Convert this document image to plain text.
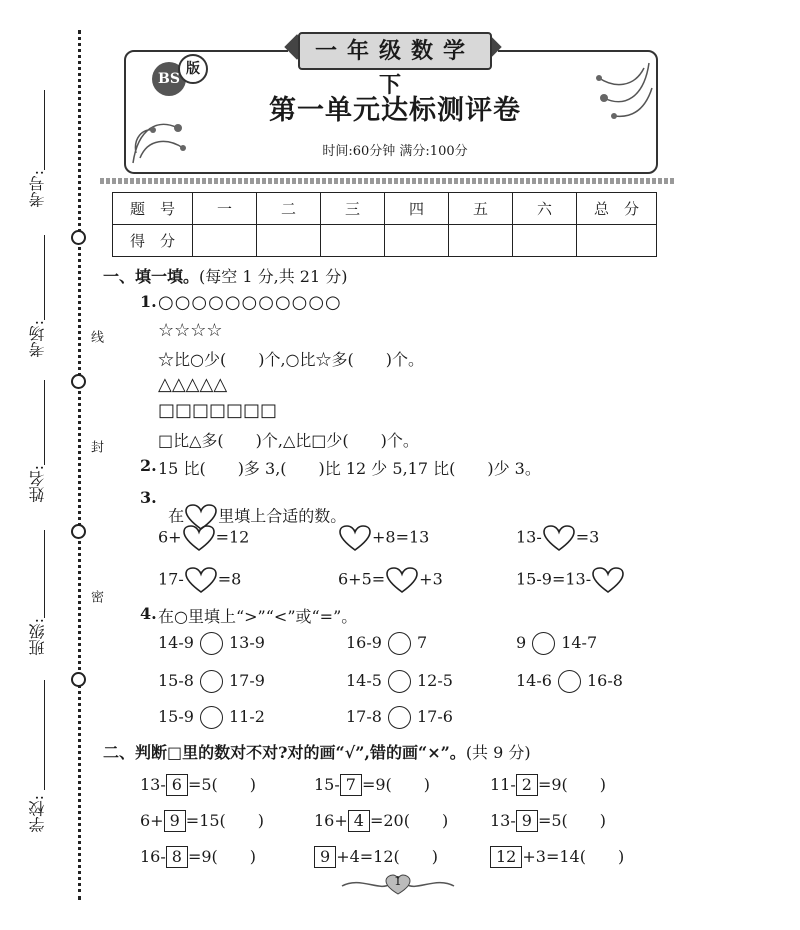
线
封
密
考号:
考场:
姓名:
班级:
学校:
一年级数学下
BS
版
第一单元达标测评卷
时间:60分钟 满分:100分
题　号	一	二	三	四	五	六	总　分
得　分							
一、填一填。(每空 1 分,共 21 分)
1. ○○○○○○○○○○○
☆☆☆☆
☆比○少(　　)个,○比☆多(　　)个。
△△△△△
□□□□□□□
□比△多(　　)个,△比□少(　　)个。
2. 15 比(　　)多 3,(　　)比 12 少 5,17 比(　　)少 3。
3.

在 里填上合适的数。

6+ =12	+8=13	13- =3
17- =8	6+5= +3	15-9=13-
4. 在○里填上“>”“<”或“=”。
14-9 13-9	16-9 7	9 14-7
15-8 17-9	14-5 12-5	14-6 16-8
15-9 11-2	17-8 17-6
二、判断□里的数对不对?对的画“√”,错的画“×”。(共 9 分)
13- 6 =5(　　)	15- 7 =9(　　)	11- 2 =9(　　)
6+ 9 =15(　　)	16+ 4 =20(　　)	13- 9 =5(　　)
16- 8 =9(　　)	9 +4=12(　　)	12 +3=14(　　)
1
